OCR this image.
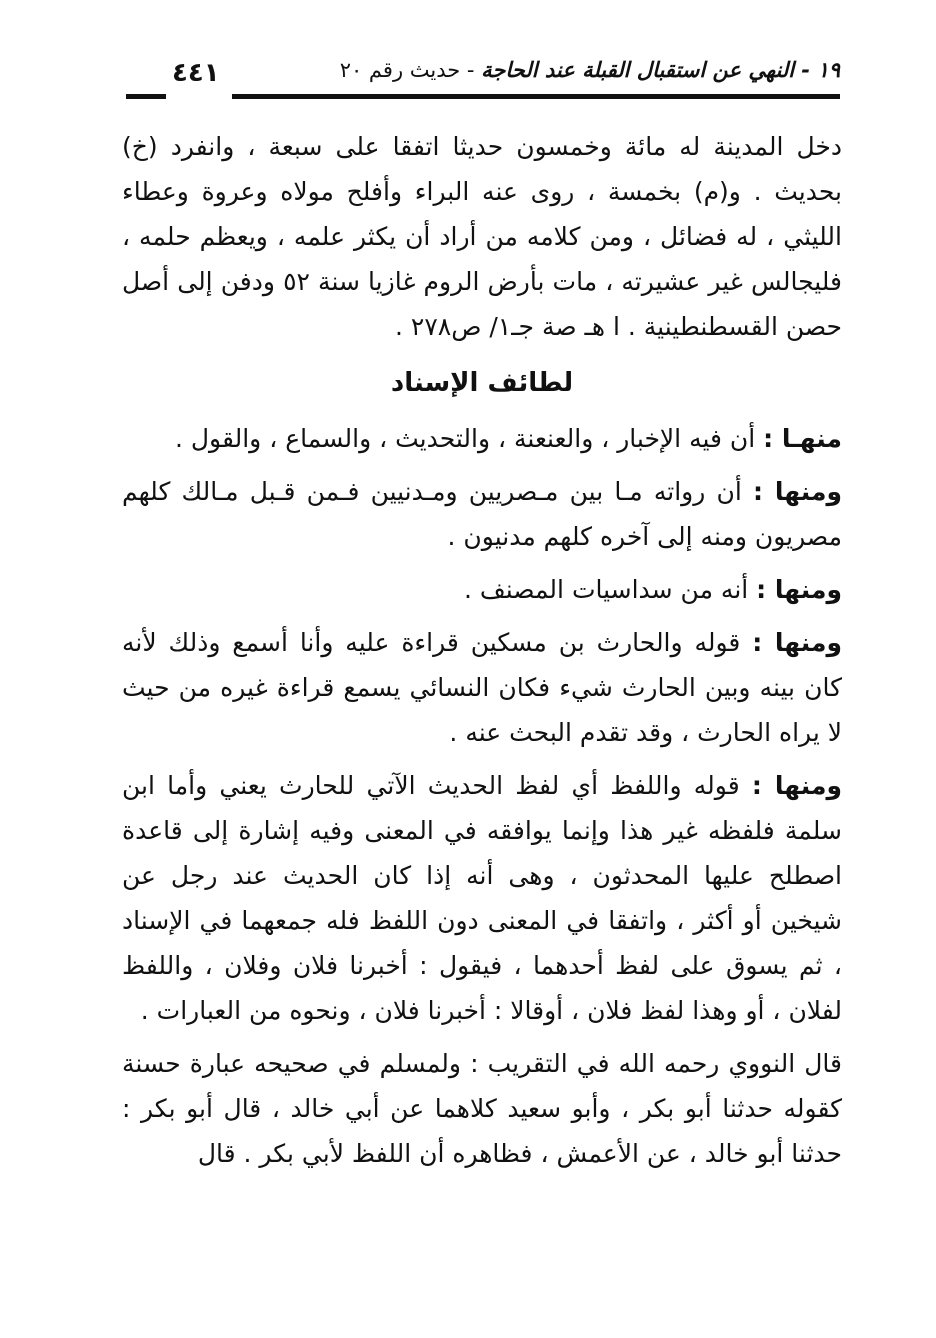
٤٤١	١٩ - النهي عن استقبال القبلة عند الحاجة - حديث رقم ٢٠

دخل المدينة له مائة وخمسون حديثا اتفقا على سبعة ، وانفرد (خ) بحديث . و(م) بخمسة ، روى عنه البراء وأفلح مولاه وعروة وعطاء الليثي ، له فضائل ، ومن كلامه من أراد أن يكثر علمه ، ويعظم حلمه ، فليجالس غير عشيرته ، مات بأرض الروم غازيا سنة ٥٢ ودفن إلى أصل حصن القسطنطينية . ا هـ صة جـ١/ ص٢٧٨ .

لطائف الإسناد

منهـا : أن فيه الإخبار ، والعنعنة ، والتحديث ، والسماع ، والقول .

ومنها : أن رواته مـا بين مـصريين ومـدنيين فـمن قـبل مـالك كلهم مصريون ومنه إلى آخره كلهم مدنيون .

ومنها : أنه من سداسيات المصنف .

ومنها : قوله والحارث بن مسكين قراءة عليه وأنا أسمع وذلك لأنه كان بينه وبين الحارث شيء فكان النسائي يسمع قراءة غيره من حيث لا يراه الحارث ، وقد تقدم البحث عنه .

ومنها : قوله واللفظ أي لفظ الحديث الآتي للحارث يعني وأما ابن سلمة فلفظه غير هذا وإنما يوافقه في المعنى وفيه إشارة إلى قاعدة اصطلح عليها المحدثون ، وهى أنه إذا كان الحديث عند رجل عن شيخين أو أكثر ، واتفقا في المعنى دون اللفظ فله جمعهما في الإسناد ، ثم يسوق على لفظ أحدهما ، فيقول : أخبرنا فلان وفلان ، واللفظ لفلان ، أو وهذا لفظ فلان ، أوقالا : أخبرنا فلان ، ونحوه من العبارات .

قال النووي رحمه الله في التقريب : ولمسلم في صحيحه عبارة حسنة كقوله حدثنا أبو بكر ، وأبو سعيد كلاهما عن أبي خالد ، قال أبو بكر : حدثنا أبو خالد ، عن الأعمش ، فظاهره أن اللفظ لأبي بكر . قال
